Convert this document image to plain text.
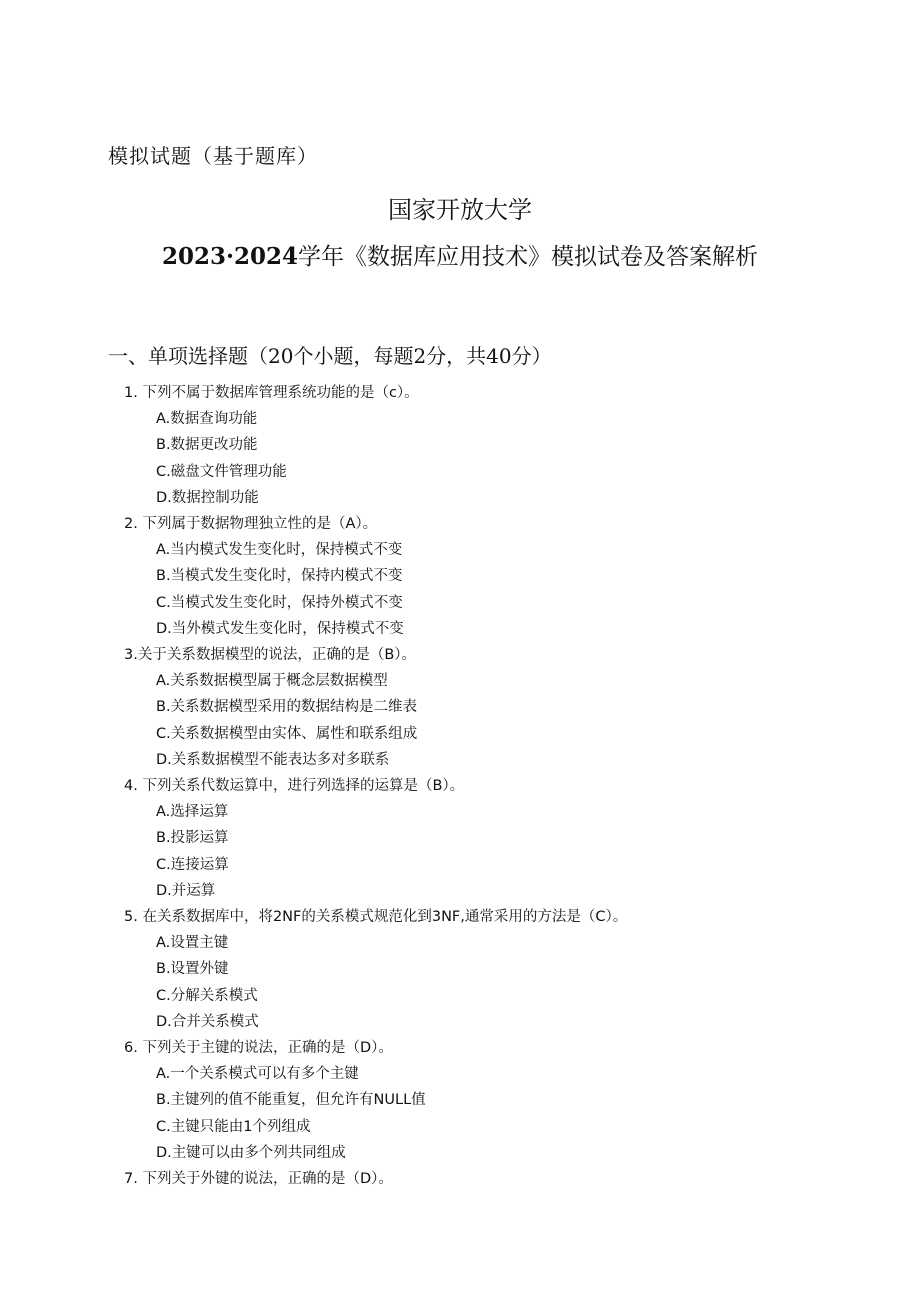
模拟试题（基于题库）
国家开放大学
2023·2024学年《数据库应用技术》模拟试卷及答案解析
一、单项选择题（20个小题，每题2分，共40分）
1. 下列不属于数据库管理系统功能的是（c）。
A.数据查询功能
B.数据更改功能
C.磁盘文件管理功能
D.数据控制功能
2. 下列属于数据物理独立性的是（A）。
A.当内模式发生变化时，保持模式不变
B.当模式发生变化时，保持内模式不变
C.当模式发生变化时，保持外模式不变
D.当外模式发生变化时，保持模式不变
3.关于关系数据模型的说法，正确的是（B）。
A.关系数据模型属于概念层数据模型
B.关系数据模型采用的数据结构是二维表
C.关系数据模型由实体、属性和联系组成
D.关系数据模型不能表达多对多联系
4. 下列关系代数运算中，进行列选择的运算是（B）。
A.选择运算
B.投影运算
C.连接运算
D.并运算
5. 在关系数据库中，将2NF的关系模式规范化到3NF,通常采用的方法是（C）。
A.设置主键
B.设置外键
C.分解关系模式
D.合并关系模式
6. 下列关于主键的说法，正确的是（D）。
A.一个关系模式可以有多个主键
B.主键列的值不能重复，但允许有NULL值
C.主键只能由1个列组成
D.主键可以由多个列共同组成
7. 下列关于外键的说法，正确的是（D）。
